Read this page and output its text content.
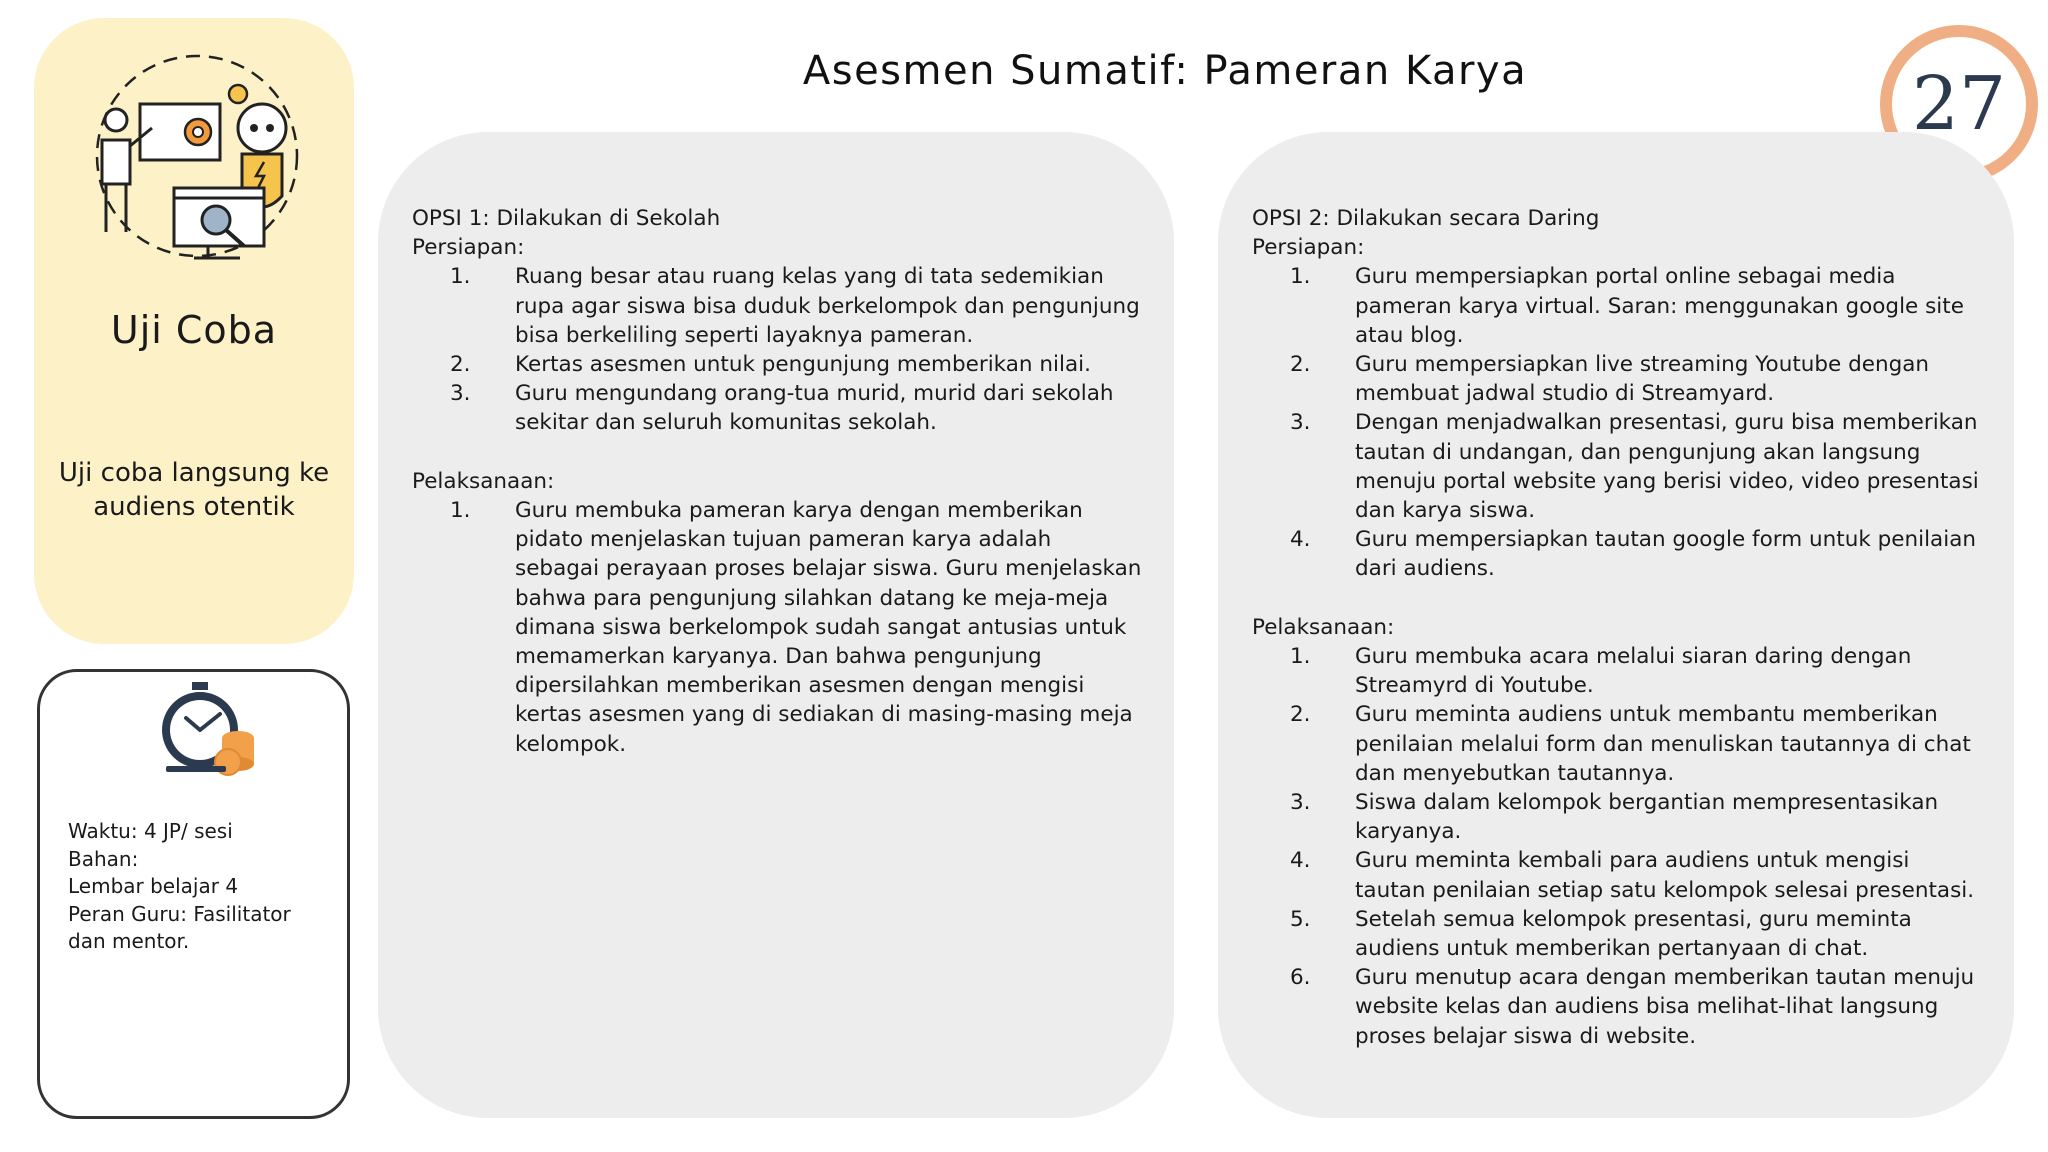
Asesmen Sumatif: Pameran Karya	27
Uji Coba
Uji coba langsung ke audiens otentik
Waktu: 4 JP/ sesi
Bahan:
Lembar belajar 4
Peran Guru: Fasilitator
dan mentor.
OPSI 1: Dilakukan di Sekolah
Persiapan:
1.	Ruang besar atau ruang kelas yang di tata sedemikian
rupa agar siswa bisa duduk berkelompok dan pengunjung
bisa berkeliling seperti layaknya pameran.
2.	Kertas asesmen untuk pengunjung memberikan nilai.
3.	Guru mengundang orang-tua murid, murid dari sekolah
sekitar dan seluruh komunitas sekolah.
Pelaksanaan:
1.	Guru membuka pameran karya dengan memberikan
pidato menjelaskan tujuan pameran karya adalah
sebagai perayaan proses belajar siswa. Guru menjelaskan
bahwa para pengunjung silahkan datang ke meja-meja
dimana siswa berkelompok sudah sangat antusias untuk
memamerkan karyanya. Dan bahwa pengunjung
dipersilahkan memberikan asesmen dengan mengisi
kertas asesmen yang di sediakan di masing-masing meja
kelompok.
OPSI 2: Dilakukan secara Daring
Persiapan:
1.	Guru mempersiapkan portal online sebagai media
pameran karya virtual. Saran: menggunakan google site
atau blog.
2.	Guru mempersiapkan live streaming Youtube dengan
membuat jadwal studio di Streamyard.
3.	Dengan menjadwalkan presentasi, guru bisa memberikan
tautan di undangan, dan pengunjung akan langsung
menuju portal website yang berisi video, video presentasi
dan karya siswa.
4.	Guru mempersiapkan tautan google form untuk penilaian
dari audiens.
Pelaksanaan:
1.	Guru membuka acara melalui siaran daring dengan
Streamyrd di Youtube.
2.	Guru meminta audiens untuk membantu memberikan
penilaian melalui form dan menuliskan tautannya di chat
dan menyebutkan tautannya.
3.	Siswa dalam kelompok bergantian mempresentasikan
karyanya.
4.	Guru meminta kembali para audiens untuk mengisi
tautan penilaian setiap satu kelompok selesai presentasi.
5.	Setelah semua kelompok presentasi, guru meminta
audiens untuk memberikan pertanyaan di chat.
6.	Guru menutup acara dengan memberikan tautan menuju
website kelas dan audiens bisa melihat-lihat langsung
proses belajar siswa di website.
